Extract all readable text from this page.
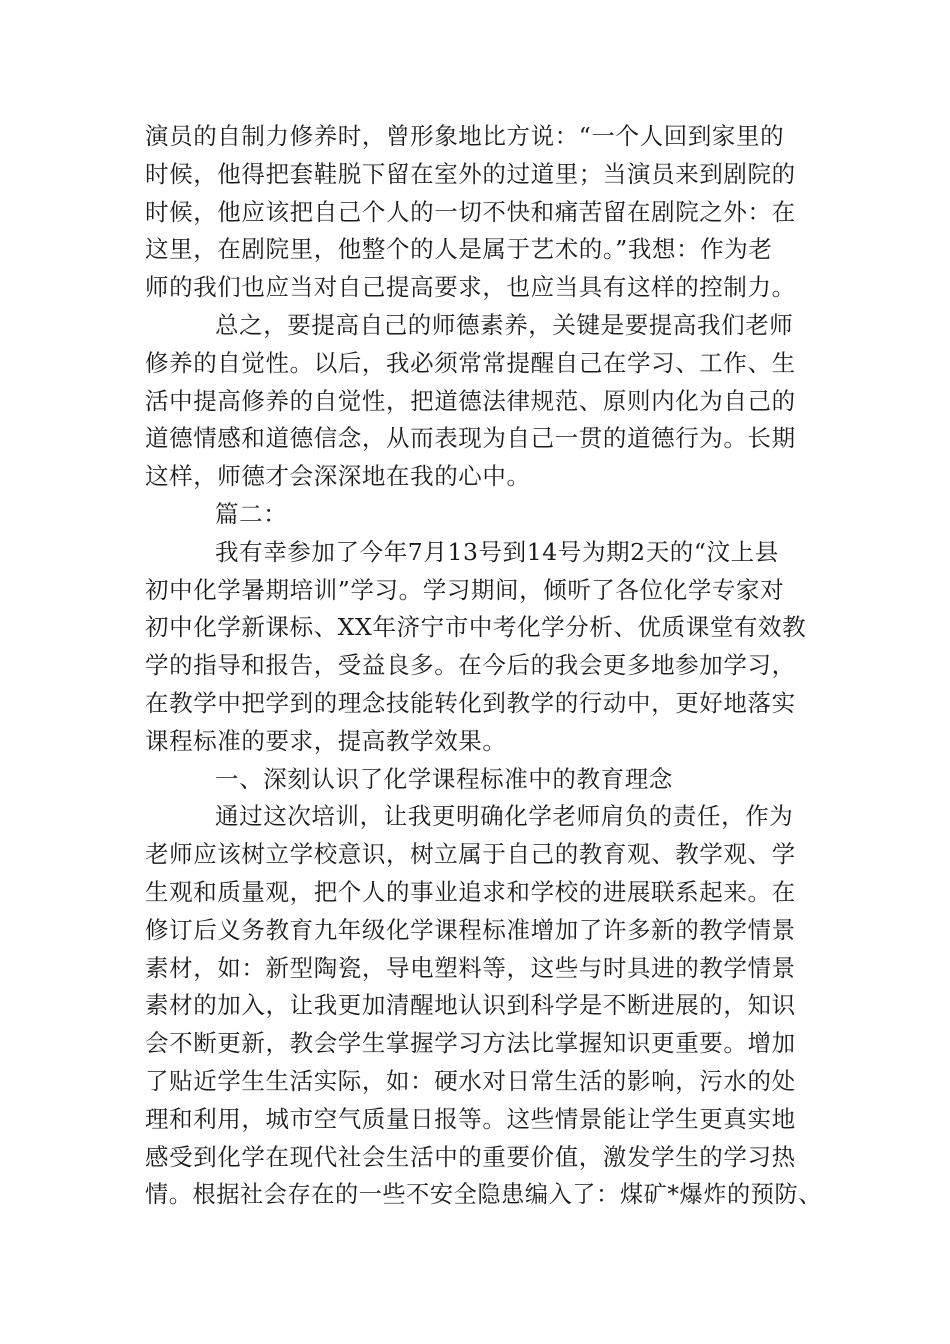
演员的自制力修养时，曾形象地比方说：“一个人回到家里的
时候，他得把套鞋脱下留在室外的过道里；当演员来到剧院的
时候，他应该把自己个人的一切不快和痛苦留在剧院之外：在
这里，在剧院里，他整个的人是属于艺术的。”我想：作为老
师的我们也应当对自己提高要求，也应当具有这样的控制力。
总之，要提高自己的师德素养，关键是要提高我们老师
修养的自觉性。以后，我必须常常提醒自己在学习、工作、生
活中提高修养的自觉性，把道德法律规范、原则内化为自己的
道德情感和道德信念，从而表现为自己一贯的道德行为。长期
这样，师德才会深深地在我的心中。
篇二：
我有幸参加了今年7月13号到14号为期2天的“汶上县
初中化学暑期培训”学习。学习期间，倾听了各位化学专家对
初中化学新课标、XX年济宁市中考化学分析、优质课堂有效教
学的指导和报告，受益良多。在今后的我会更多地参加学习，
在教学中把学到的理念技能转化到教学的行动中，更好地落实
课程标准的要求，提高教学效果。
一、深刻认识了化学课程标准中的教育理念
通过这次培训，让我更明确化学老师肩负的责任，作为
老师应该树立学校意识，树立属于自己的教育观、教学观、学
生观和质量观，把个人的事业追求和学校的进展联系起来。在
修订后义务教育九年级化学课程标准增加了许多新的教学情景
素材，如：新型陶瓷，导电塑料等，这些与时具进的教学情景
素材的加入，让我更加清醒地认识到科学是不断进展的，知识
会不断更新，教会学生掌握学习方法比掌握知识更重要。增加
了贴近学生生活实际，如：硬水对日常生活的影响，污水的处
理和利用，城市空气质量日报等。这些情景能让学生更真实地
感受到化学在现代社会生活中的重要价值，激发学生的学习热
情。根据社会存在的一些不安全隐患编入了：煤矿*爆炸的预防、
